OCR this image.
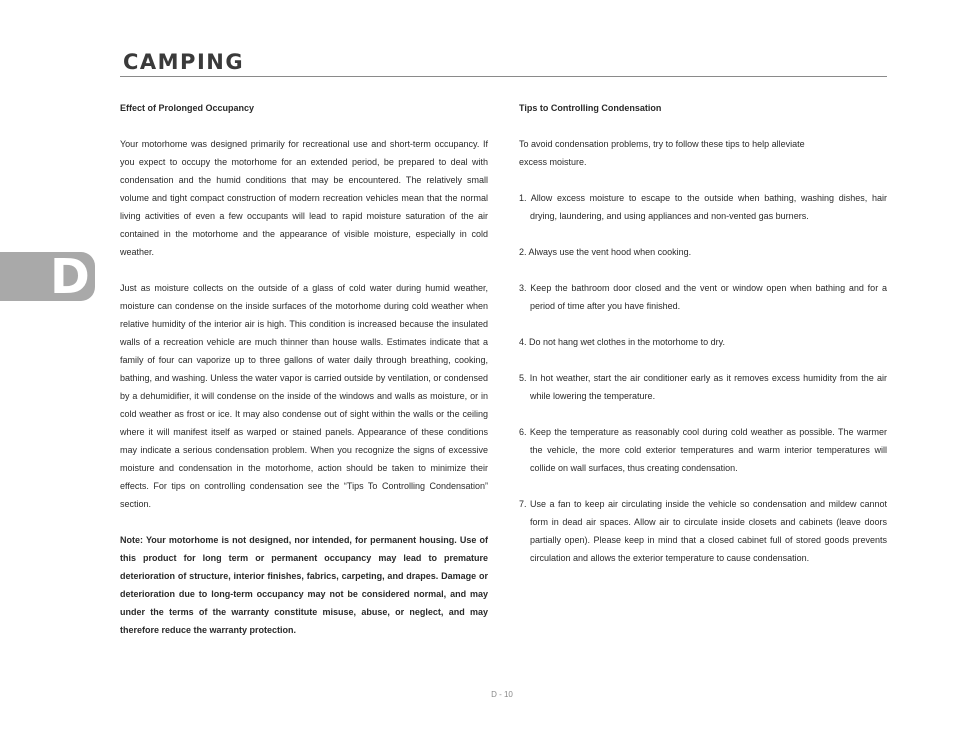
CAMPING
D

Effect of Prolonged Occupancy

Your motorhome was designed primarily for recreational use and short-term occupancy. If you expect to occupy the motorhome for an extended period, be prepared to deal with condensation and the humid conditions that may be encountered. The relatively small volume and tight compact construction of modern recreation vehicles mean that the normal living activities of even a few occupants will lead to rapid moisture saturation of the air contained in the motorhome and the appearance of visible moisture, especially in cold weather.

Just as moisture collects on the outside of a glass of cold water during humid weather, moisture can condense on the inside surfaces of the motorhome during cold weather when relative humidity of the interior air is high. This condition is increased because the insulated walls of a recreation vehicle are much thinner than house walls. Estimates indicate that a family of four can vaporize up to three gallons of water daily through breathing, cooking, bathing, and washing. Unless the water vapor is carried outside by ventilation, or condensed by a dehumidifier, it will condense on the inside of the windows and walls as moisture, or in cold weather as frost or ice. It may also condense out of sight within the walls or the ceiling where it will manifest itself as warped or stained panels. Appearance of these conditions may indicate a serious condensation problem. When you recognize the signs of excessive moisture and condensation in the motorhome, action should be taken to minimize their effects. For tips on controlling condensation see the “Tips To Controlling Condensation” section.

Note: Your motorhome is not designed, nor intended, for permanent housing. Use of this product for long term or permanent occupancy may lead to premature deterioration of structure, interior finishes, fabrics, carpeting, and drapes. Damage or deterioration due to long-term occupancy may not be considered normal, and may under the terms of the warranty constitute misuse, abuse, or neglect, and may therefore reduce the warranty protection.

Tips to Controlling Condensation

To avoid condensation problems, try to follow these tips to help alleviate excess moisture.

1. Allow excess moisture to escape to the outside when bathing, washing dishes, hair drying, laundering, and using appliances and non-vented gas burners.

2. Always use the vent hood when cooking.

3. Keep the bathroom door closed and the vent or window open when bathing and for a period of time after you have finished.

4. Do not hang wet clothes in the motorhome to dry.

5. In hot weather, start the air conditioner early as it removes excess humidity from the air while lowering the temperature.

6. Keep the temperature as reasonably cool during cold weather as possible. The warmer the vehicle, the more cold exterior temperatures and warm interior temperatures will collide on wall surfaces, thus creating condensation.

7. Use a fan to keep air circulating inside the vehicle so condensation and mildew cannot form in dead air spaces. Allow air to circulate inside closets and cabinets (leave doors partially open). Please keep in mind that a closed cabinet full of stored goods prevents circulation and allows the exterior temperature to cause condensation.

D - 10
